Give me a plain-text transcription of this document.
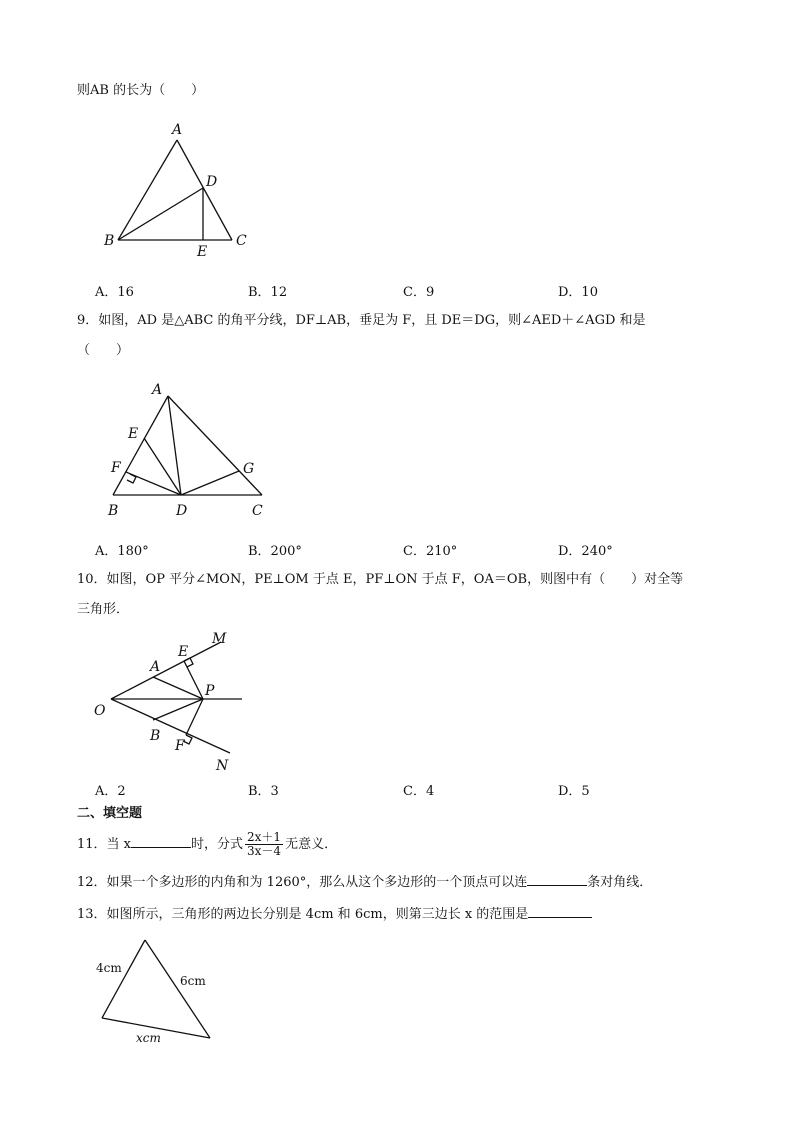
则AB 的长为（　　）
A
B	C
D
E
A．16	B．12	C．9	D．10
9．如图，AD 是△ABC 的角平分线，DF⊥AB，垂足为 F，且 DE＝DG，则∠AED＋∠AGD 和是
（　　）
A
E
F	G
B	D	C
A．180°	B．200°	C．210°	D．240°
10．如图，OP 平分∠MON，PE⊥OM 于点 E，PF⊥ON 于点 F，OA＝OB，则图中有（　　）对全等
三角形．
M
E
A
O
P
B
F
N
A．2	B．3	C．4	D．5
二、填空题
11．当 x	时，分式 $\frac{2x+1}{3x-4}$ 无意义．
12．如果一个多边形的内角和为 1260°，那么从这个多边形的一个顶点可以连	条对角线．
13．如图所示，三角形的两边长分别是 4cm 和 6cm，则第三边长 x 的范围是
4cm
6cm
xcm
